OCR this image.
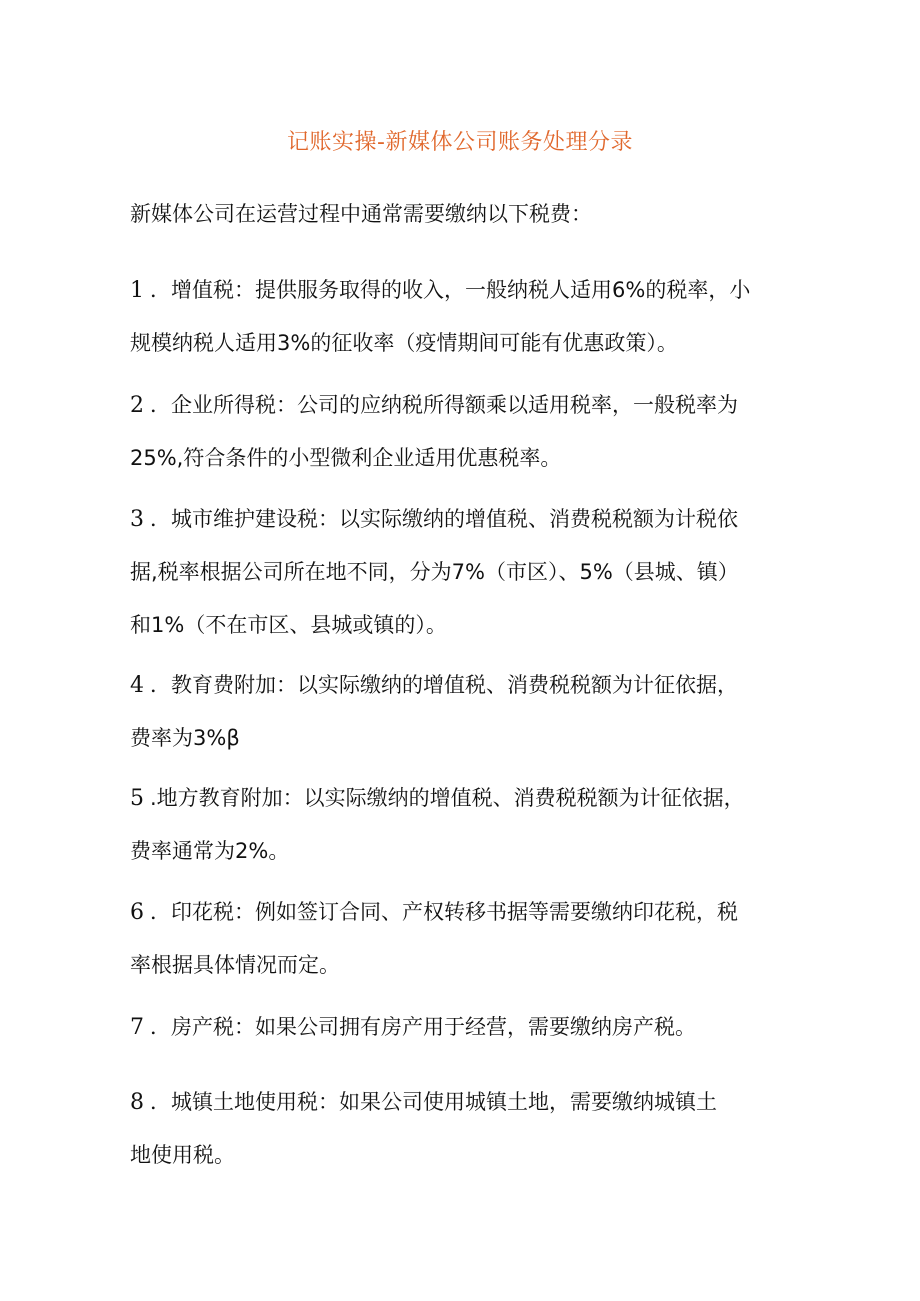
记账实操-新媒体公司账务处理分录
新媒体公司在运营过程中通常需要缴纳以下税费：
1 ．增值税：提供服务取得的收入，一般纳税人适用6%的税率，小
规模纳税人适用3%的征收率（疫情期间可能有优惠政策）。
2 ．企业所得税：公司的应纳税所得额乘以适用税率，一般税率为
25%,符合条件的小型微利企业适用优惠税率。
3 ．城市维护建设税：以实际缴纳的增值税、消费税税额为计税依
据,税率根据公司所在地不同，分为7%（市区）、5%（县城、镇）
和1%（不在市区、县城或镇的）。
4 ．教育费附加：以实际缴纳的增值税、消费税税额为计征依据，
费率为3%β
5 .地方教育附加：以实际缴纳的增值税、消费税税额为计征依据，
费率通常为2%。
6 ．印花税：例如签订合同、产权转移书据等需要缴纳印花税，税
率根据具体情况而定。
7 ．房产税：如果公司拥有房产用于经营，需要缴纳房产税。
8 ．城镇土地使用税：如果公司使用城镇土地，需要缴纳城镇土
地使用税。
